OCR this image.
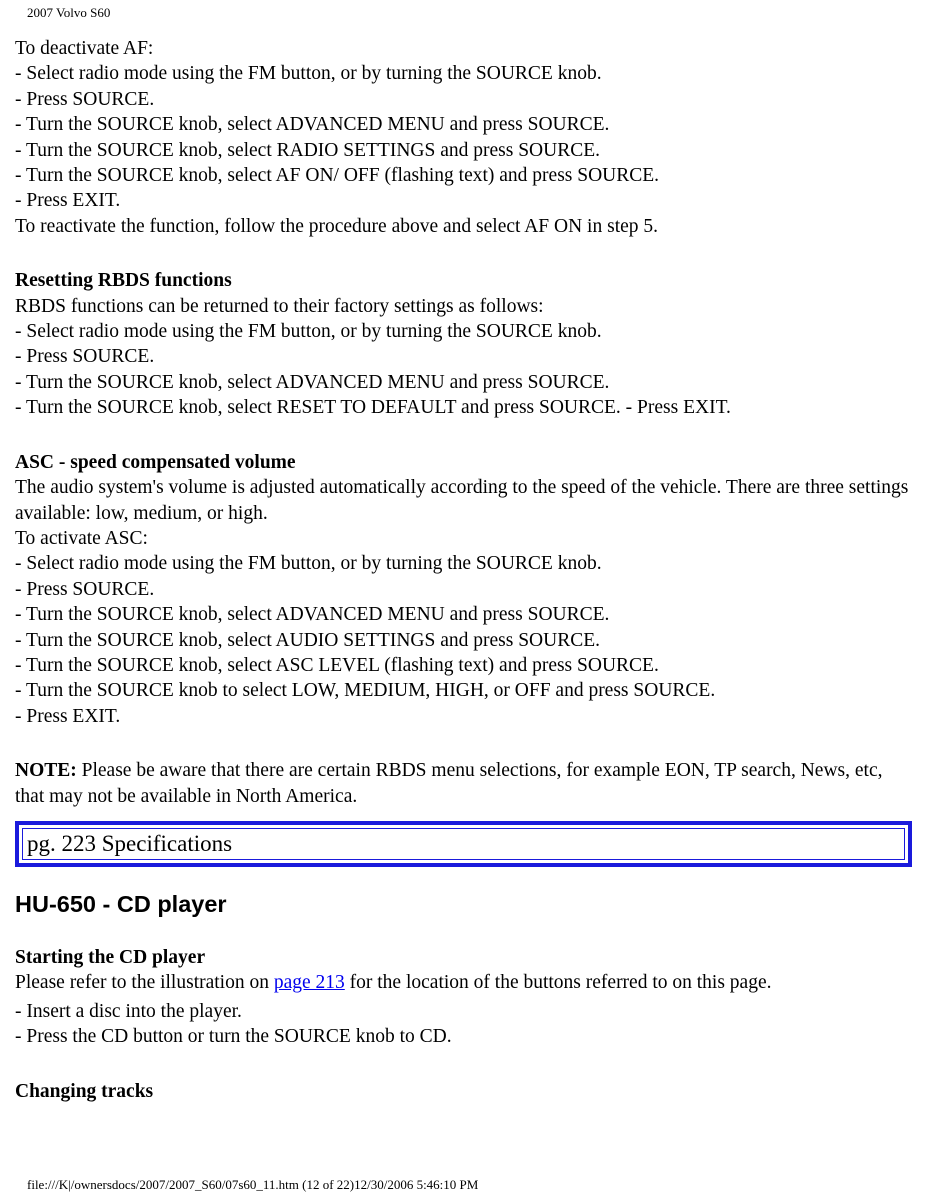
2007 Volvo S60
To deactivate AF:
- Select radio mode using the FM button, or by turning the SOURCE knob.
- Press SOURCE.
- Turn the SOURCE knob, select ADVANCED MENU and press SOURCE.
- Turn the SOURCE knob, select RADIO SETTINGS and press SOURCE.
- Turn the SOURCE knob, select AF ON/ OFF (flashing text) and press SOURCE.
- Press EXIT.
To reactivate the function, follow the procedure above and select AF ON in step 5.
Resetting RBDS functions
RBDS functions can be returned to their factory settings as follows:
- Select radio mode using the FM button, or by turning the SOURCE knob.
- Press SOURCE.
- Turn the SOURCE knob, select ADVANCED MENU and press SOURCE.
- Turn the SOURCE knob, select RESET TO DEFAULT and press SOURCE. - Press EXIT.
ASC - speed compensated volume
The audio system's volume is adjusted automatically according to the speed of the vehicle. There are three settings available: low, medium, or high.
To activate ASC:
- Select radio mode using the FM button, or by turning the SOURCE knob.
- Press SOURCE.
- Turn the SOURCE knob, select ADVANCED MENU and press SOURCE.
- Turn the SOURCE knob, select AUDIO SETTINGS and press SOURCE.
- Turn the SOURCE knob, select ASC LEVEL (flashing text) and press SOURCE.
- Turn the SOURCE knob to select LOW, MEDIUM, HIGH, or OFF and press SOURCE.
- Press EXIT.
NOTE: Please be aware that there are certain RBDS menu selections, for example EON, TP search, News, etc, that may not be available in North America.
pg. 223 Specifications
HU-650 - CD player
Starting the CD player
Please refer to the illustration on page 213 for the location of the buttons referred to on this page.
- Insert a disc into the player.
- Press the CD button or turn the SOURCE knob to CD.
Changing tracks
file:///K|/ownersdocs/2007/2007_S60/07s60_11.htm (12 of 22)12/30/2006 5:46:10 PM
